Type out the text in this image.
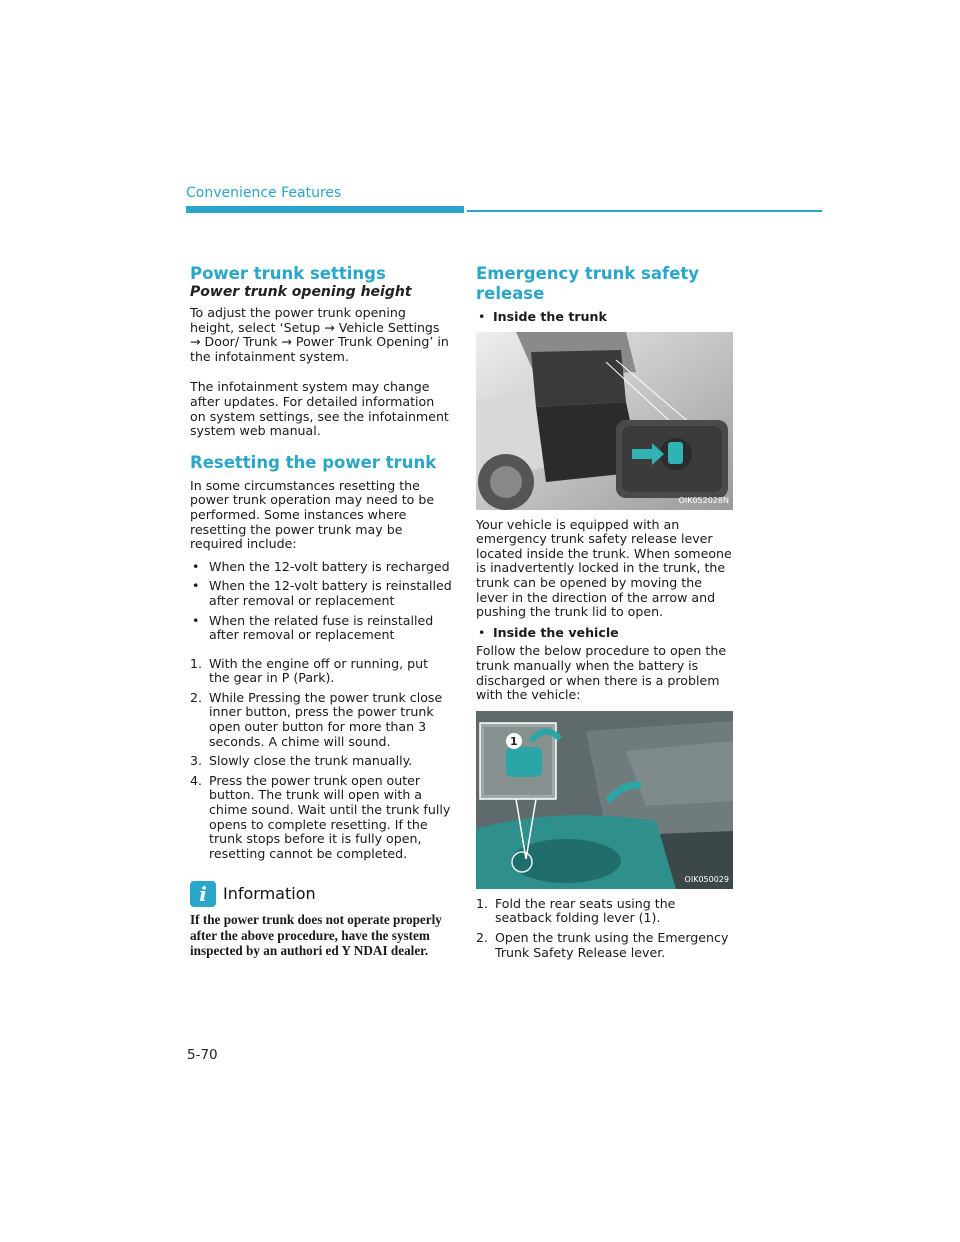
Convenience Features
Power trunk settings
Power trunk opening height

To adjust the power trunk opening height, select ‘Setup → Vehicle Settings → Door/ Trunk → Power Trunk Opening’ in the infotainment system.

The infotainment system may change after updates. For detailed information on system settings, see the infotainment system web manual.

Resetting the power trunk

In some circumstances resetting the power trunk operation may need to be performed. Some instances where resetting the power trunk may be required include:

• When the 12-volt battery is recharged
• When the 12-volt battery is reinstalled after removal or replacement
• When the related fuse is reinstalled after removal or replacement
1. With the engine off or running, put the gear in P (Park).
2. While Pressing the power trunk close inner button, press the power trunk open outer button for more than 3 seconds. A chime will sound.
3. Slowly close the trunk manually.
4. Press the power trunk open outer button. The trunk will open with a chime sound. Wait until the trunk fully opens to complete resetting. If the trunk stops before it is fully open, resetting cannot be completed.
i	Information

If the power trunk does not operate properly after the above procedure, have the system inspected by an authori ed Y NDAI dealer.

Emergency trunk safety release
• Inside the trunk
OIK052028N

Your vehicle is equipped with an emergency trunk safety release lever located inside the trunk. When someone is inadvertently locked in the trunk, the trunk can be opened by moving the lever in the direction of the arrow and pushing the trunk lid to open.

• Inside the vehicle

Follow the below procedure to open the trunk manually when the battery is discharged or when there is a problem with the vehicle:

1
OIK050029
1. Fold the rear seats using the seatback folding lever (1).
2. Open the trunk using the Emergency Trunk Safety Release lever.
5-70
